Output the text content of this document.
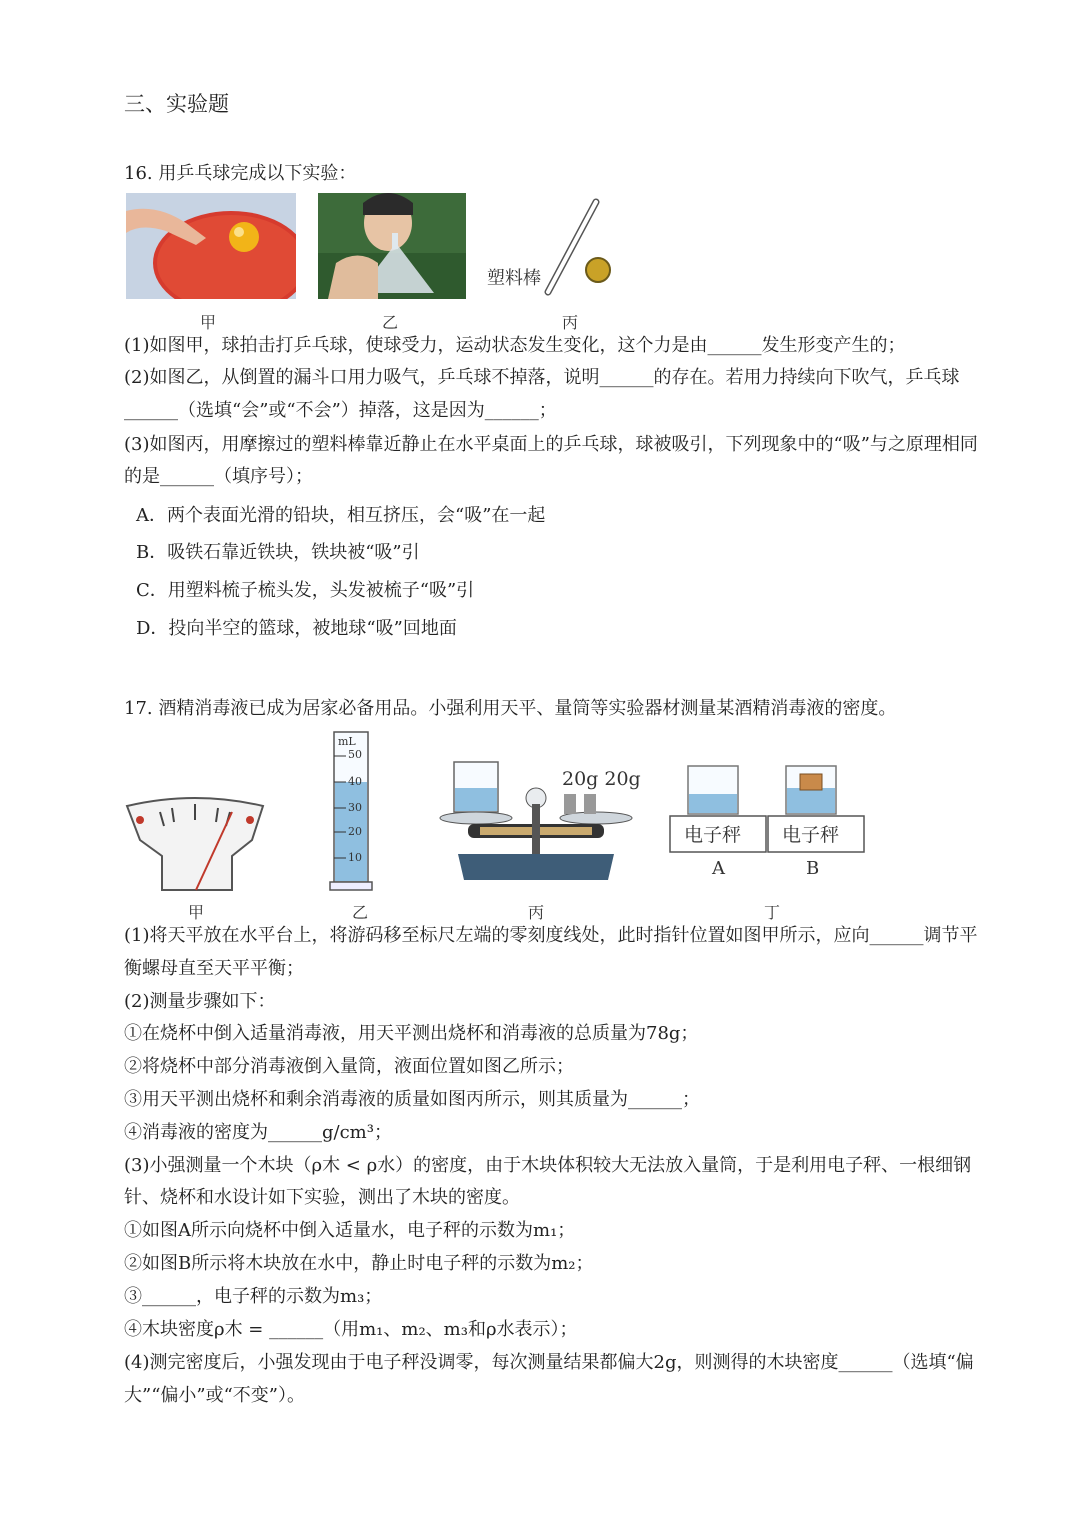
三、实验题
16. 用乒乓球完成以下实验：
塑料棒
甲	乙	丙
(1)如图甲，球拍击打乒乓球，使球受力，运动状态发生变化，这个力是由______发生形变产生的；
(2)如图乙，从倒置的漏斗口用力吸气，乒乓球不掉落，说明______的存在。若用力持续向下吹气，乒乓球
______（选填“会”或“不会”）掉落，这是因为______；
(3)如图丙，用摩擦过的塑料棒靠近静止在水平桌面上的乒乓球，球被吸引，下列现象中的“吸”与之原理相同
的是______（填序号）；
A．两个表面光滑的铅块，相互挤压，会“吸”在一起
B．吸铁石靠近铁块，铁块被“吸”引
C．用塑料梳子梳头发，头发被梳子“吸”引
D．投向半空的篮球，被地球“吸”回地面
17. 酒精消毒液已成为居家必备用品。小强利用天平、量筒等实验器材测量某酒精消毒液的密度。
mL
50
40
30
20
10
20g 20g
电子秤 电子秤
A	B
甲	乙	丙	丁
(1)将天平放在水平台上，将游码移至标尺左端的零刻度线处，此时指针位置如图甲所示，应向______调节平
衡螺母直至天平平衡；
(2)测量步骤如下：
①在烧杯中倒入适量消毒液，用天平测出烧杯和消毒液的总质量为78g；
②将烧杯中部分消毒液倒入量筒，液面位置如图乙所示；
③用天平测出烧杯和剩余消毒液的质量如图丙所示，则其质量为______；
④消毒液的密度为______g/cm³；
(3)小强测量一个木块（ρ木 < ρ水）的密度，由于木块体积较大无法放入量筒，于是利用电子秤、一根细钢
针、烧杯和水设计如下实验，测出了木块的密度。
①如图A所示向烧杯中倒入适量水，电子秤的示数为m₁；
②如图B所示将木块放在水中，静止时电子秤的示数为m₂；
③______，电子秤的示数为m₃；
④木块密度ρ木 = ______（用m₁、m₂、m₃和ρ水表示）；
(4)测完密度后，小强发现由于电子秤没调零，每次测量结果都偏大2g，则测得的木块密度______（选填“偏
大”“偏小”或“不变”）。
